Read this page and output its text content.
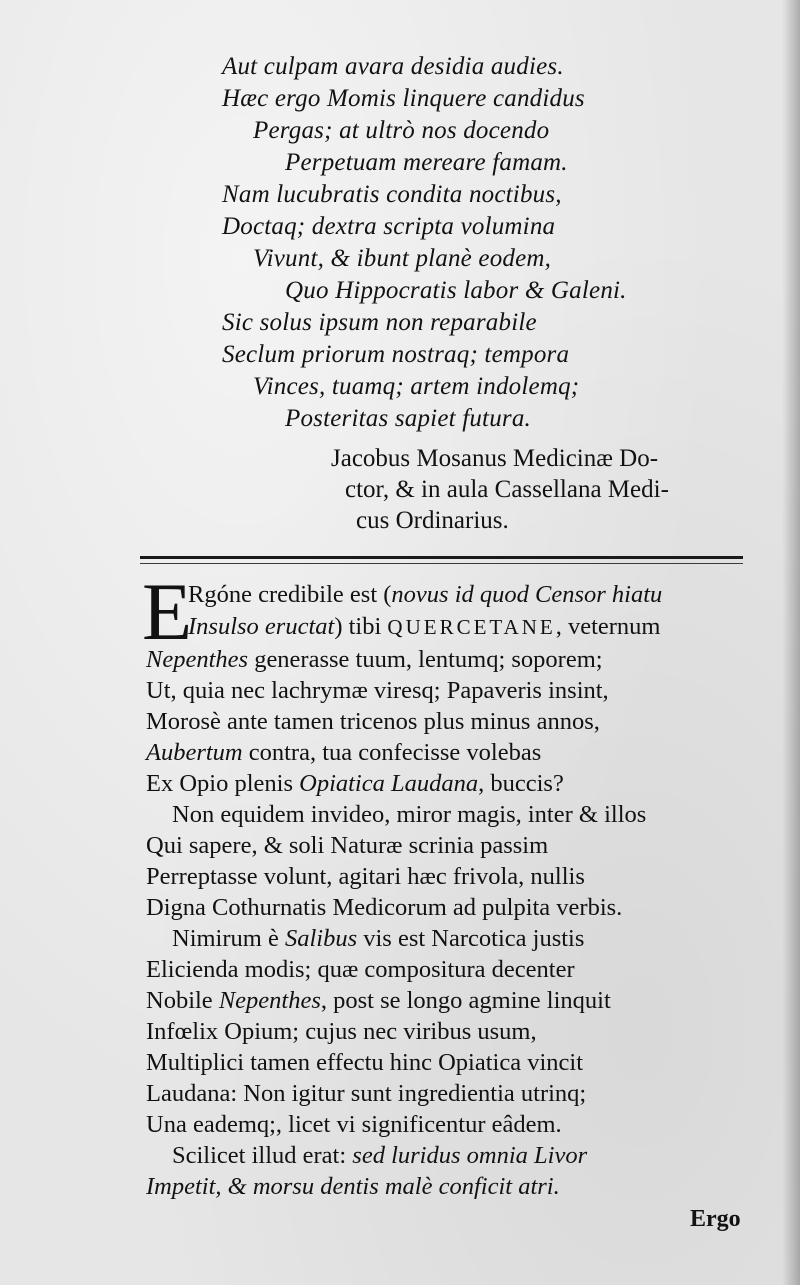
Aut culpam avara desidia audies.
Hæc ergo Momis linquere candidus
Pergas; at ultrò nos docendo
Perpetuam mereare famam.
Nam lucubratis condita noctibus,
Doctaq; dextra scripta volumina
Vivunt, & ibunt planè eodem,
Quo Hippocratis labor & Galeni.
Sic solus ipsum non reparabile
Seclum priorum nostraq; tempora
Vinces, tuamq; artem indolemq;
Posteritas sapiet futura.
Jacobus Mosanus Medicinæ Do-
ctor, & in aula Cassellana Medi-
cus Ordinarius.
E
Rgóne credibile est (novus id quod Censor hiatu
Insulso eructat) tibi QUERCETANE, veternum
Nepenthes generasse tuum, lentumq; soporem;
Ut, quia nec lachrymæ viresq; Papaveris insint,
Morosè ante tamen tricenos plus minus annos,
Aubertum contra, tua confecisse volebas
Ex Opio plenis Opiatica Laudana, buccis?
Non equidem invideo, miror magis, inter & illos
Qui sapere, & soli Naturæ scrinia passim
Perreptasse volunt, agitari hæc frivola, nullis
Digna Cothurnatis Medicorum ad pulpita verbis.
Nimirum è Salibus vis est Narcotica justis
Elicienda modis; quæ compositura decenter
Nobile Nepenthes, post se longo agmine linquit
Infœlix Opium; cujus nec viribus usum,
Multiplici tamen effectu hinc Opiatica vincit
Laudana: Non igitur sunt ingredientia utrinq;
Una eademq;, licet vi significentur eâdem.
Scilicet illud erat: sed luridus omnia Livor
Impetit, & morsu dentis malè conficit atri.
Ergo
